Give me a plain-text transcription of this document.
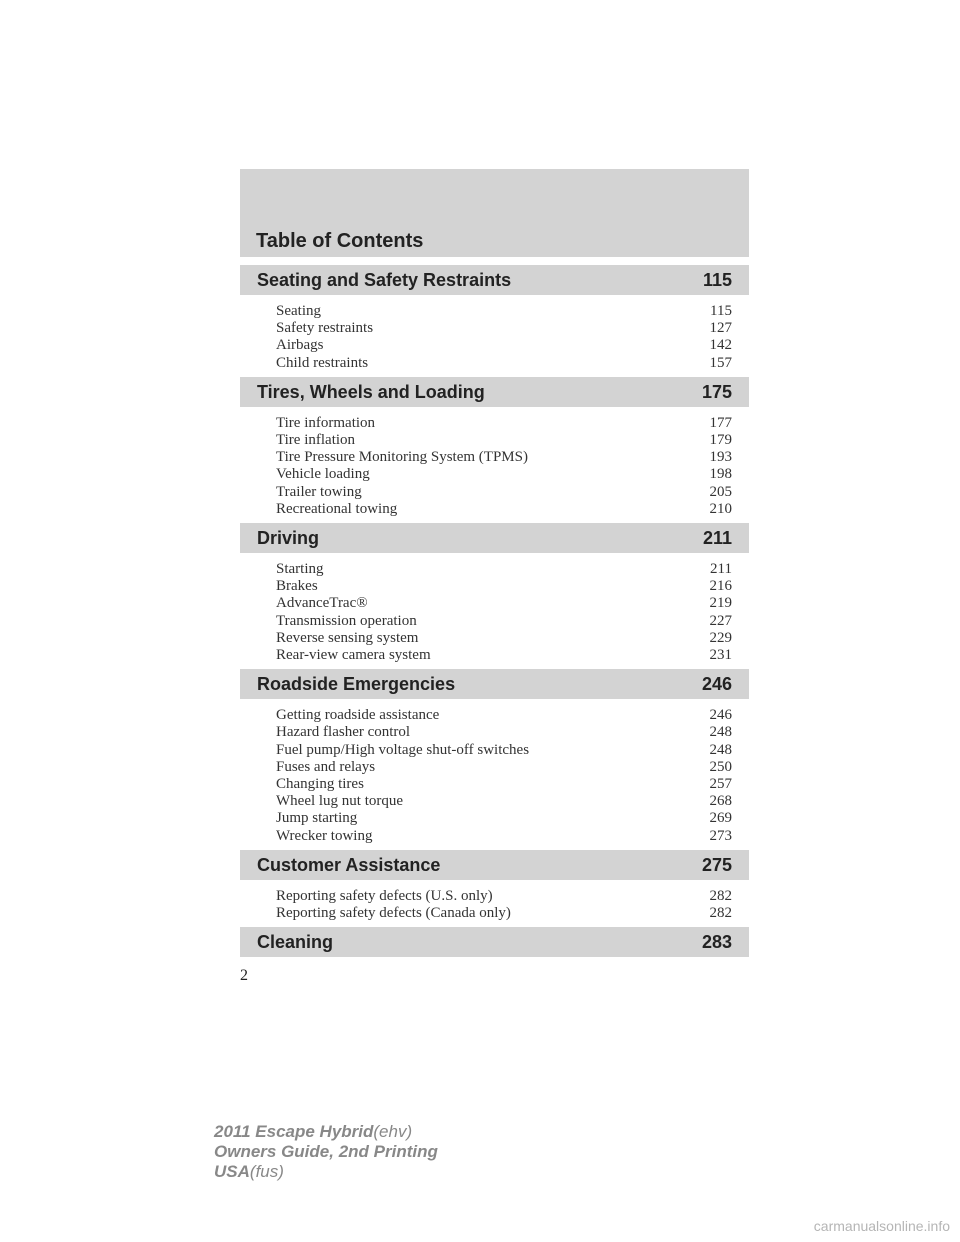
Table of Contents
Seating and Safety Restraints	115
Seating	115
Safety restraints	127
Airbags	142
Child restraints	157
Tires, Wheels and Loading	175
Tire information	177
Tire inflation	179
Tire Pressure Monitoring System (TPMS)	193
Vehicle loading	198
Trailer towing	205
Recreational towing	210
Driving	211
Starting	211
Brakes	216
AdvanceTrac®	219
Transmission operation	227
Reverse sensing system	229
Rear-view camera system	231
Roadside Emergencies	246
Getting roadside assistance	246
Hazard flasher control	248
Fuel pump/High voltage shut-off switches	248
Fuses and relays	250
Changing tires	257
Wheel lug nut torque	268
Jump starting	269
Wrecker towing	273
Customer Assistance	275
Reporting safety defects (U.S. only)	282
Reporting safety defects (Canada only)	282
Cleaning	283
2
2011 Escape Hybrid(ehv)
Owners Guide, 2nd Printing
USA(fus)
carmanualsonline.info
